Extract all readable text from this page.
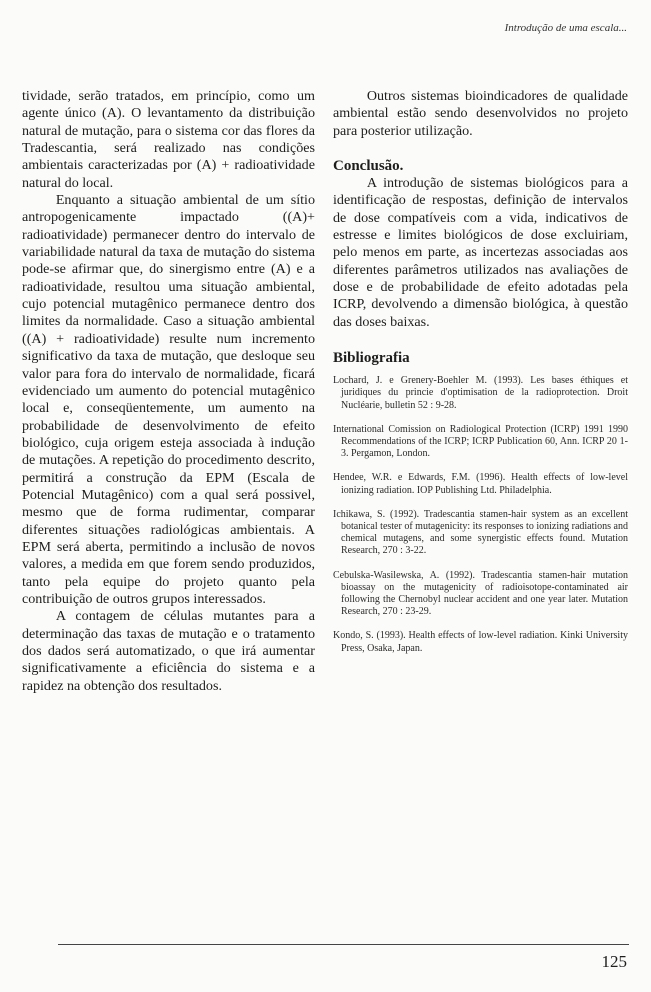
Introdução de uma escala...

tividade, serão tratados, em princípio, como um agente único (A). O levantamento da distribuição natural de mutação, para o sistema cor das flores da Tradescantia, será realizado nas condições ambientais caracterizadas por (A) + radioatividade natural do local.

Enquanto a situação ambiental de um sítio antropogenicamente impactado ((A)+ radioatividade) permanecer dentro do intervalo de variabilidade natural da taxa de mutação do sistema pode-se afirmar que, do sinergismo entre (A) e a radioatividade, resultou uma situação ambiental, cujo potencial mutagênico permanece dentro dos limites da normalidade. Caso a situação ambiental ((A) + radioatividade) resulte num incremento significativo da taxa de mutação, que desloque seu valor para fora do intervalo de normalidade, ficará evidenciado um aumento do potencial mutagênico local e, conseqüentemente, um aumento na probabilidade de desenvolvimento de efeito biológico, cuja origem esteja associada à indução de mutações. A repetição do procedimento descrito, permitirá a construção da EPM (Escala de Potencial Mutagênico) com a qual será possivel, mesmo que de forma rudimentar, comparar diferentes situações radiológicas ambientais. A EPM será aberta, permitindo a inclusão de novos valores, a medida em que forem sendo produzidos, tanto pela equipe do projeto quanto pela contribuição de outros grupos interessados.

A contagem de células mutantes para a determinação das taxas de mutação e o tratamento dos dados será automatizado, o que irá aumentar significativamente a eficiência do sistema e a rapidez na obtenção dos resultados.

Outros sistemas bioindicadores de qualidade ambiental estão sendo desenvolvidos no projeto para posterior utilização.

Conclusão.

A introdução de sistemas biológicos para a identificação de respostas, definição de intervalos de dose compatíveis com a vida, indicativos de estresse e limites biológicos de dose excluiriam, pelo menos em parte, as incertezas associadas aos diferentes parâmetros utilizados nas avaliações de dose e de probabilidade de efeito adotadas pela ICRP, devolvendo a dimensão biológica, à questão das doses baixas.

Bibliografia

Lochard, J. e Grenery-Boehler M. (1993). Les bases éthiques et juridiques du princie d'optimisation de la radioprotection. Droit Nucléarie, bulletin 52 : 9-28.

International Comission on Radiological Protection (ICRP) 1991 1990 Recommendations of the ICRP; ICRP Publication 60, Ann. ICRP 20 1-3. Pergamon, London.

Hendee, W.R. e Edwards, F.M. (1996). Health effects of low-level ionizing radiation. IOP Publishing Ltd. Philadelphia.

Ichikawa, S. (1992). Tradescantia stamen-hair system as an excellent botanical tester of mutagenicity: its responses to ionizing radiations and chemical mutagens, and some synergistic effects found. Mutation Research, 270 : 3-22.

Cebulska-Wasilewska, A. (1992). Tradescantia stamen-hair mutation bioassay on the mutagenicity of radioisotope-contaminated air following the Chernobyl nuclear accident and one year later. Mutation Research, 270 : 23-29.

Kondo, S. (1993). Health effects of low-level radiation. Kinki University Press, Osaka, Japan.

125
